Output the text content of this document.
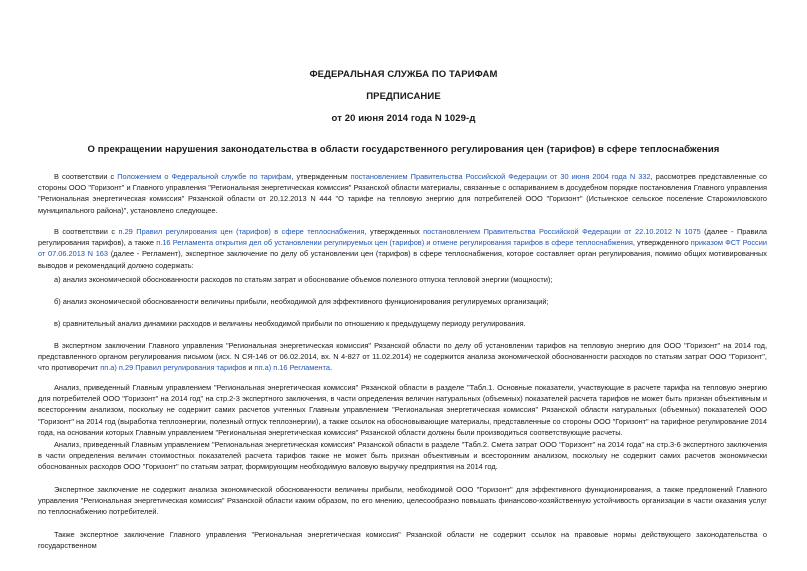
ФЕДЕРАЛЬНАЯ СЛУЖБА ПО ТАРИФАМ
ПРЕДПИСАНИЕ
от 20 июня 2014 года N 1029-д
О прекращении нарушения законодательства в области государственного регулирования цен (тарифов) в сфере теплоснабжения

В соответствии с Положением о Федеральной службе по тарифам, утвержденным постановлением Правительства Российской Федерации от 30 июня 2004 года N 332, рассмотрев представленные со стороны ООО "Горизонт" и Главного управления "Региональная энергетическая комиссия" Рязанской области материалы, связанные с оспариванием в досудебном порядке постановления Главного управления "Региональная энергетическая комиссия" Рязанской области от 20.12.2013 N 444 "О тарифе на тепловую энергию для потребителей ООО "Горизонт" (Истьинское сельское поселение Старожиловского муниципального района)", установлено следующее.

В соответствии с п.29 Правил регулирования цен (тарифов) в сфере теплоснабжения, утвержденных постановлением Правительства Российской Федерации от 22.10.2012 N 1075 (далее - Правила регулирования тарифов), а также п.16 Регламента открытия дел об установлении регулируемых цен (тарифов) и отмене регулирования тарифов в сфере теплоснабжения, утвержденного приказом ФСТ России от 07.06.2013 N 163 (далее - Регламент), экспертное заключение по делу об установлении цен (тарифов) в сфере теплоснабжения, которое составляет орган регулирования, помимо общих мотивированных выводов и рекомендаций должно содержать:

а) анализ экономической обоснованности расходов по статьям затрат и обоснование объемов полезного отпуска тепловой энергии (мощности);

б) анализ экономической обоснованности величины прибыли, необходимой для эффективного функционирования регулируемых организаций;

в) сравнительный анализ динамики расходов и величины необходимой прибыли по отношению к предыдущему периоду регулирования.

В экспертном заключении Главного управления "Региональная энергетическая комиссия" Рязанской области по делу об установлении тарифов на тепловую энергию для ООО "Горизонт" на 2014 год, представленного органом регулирования письмом (исх. N СЯ-146 от 06.02.2014, вх. N 4-827 от 11.02.2014) не содержится анализа экономической обоснованности расходов по статьям затрат ООО "Горизонт", что противоречит пп.а) п.29 Правил регулирования тарифов и пп.а) п.16 Регламента.

Анализ, приведенный Главным управлением "Региональная энергетическая комиссия" Рязанской области в разделе "Табл.1. Основные показатели, участвующие в расчете тарифа на тепловую энергию для потребителей ООО "Горизонт" на 2014 год" на стр.2-3 экспертного заключения, в части определения величин натуральных (объемных) показателей расчета тарифов не может быть признан объективным и всесторонним анализом, поскольку не содержит самих расчетов учтенных Главным управлением "Региональная энергетическая комиссия" Рязанской области натуральных (объемных) показателей ООО "Горизонт" на 2014 год (выработка теплоэнергии, полезный отпуск теплоэнергии), а также ссылок на обосновывающие материалы, представленные со стороны ООО "Горизонт" на тарифное регулирование 2014 года, на основании которых Главным управлением "Региональная энергетическая комиссия" Рязанской области должны были производиться соответствующие расчеты.

Анализ, приведенный Главным управлением "Региональная энергетическая комиссия" Рязанской области в разделе "Табл.2. Смета затрат ООО "Горизонт" на 2014 года" на стр.3-6 экспертного заключения в части определения величин стоимостных показателей расчета тарифов также не может быть признан объективным и всесторонним анализом, поскольку не содержит самих расчетов экономически обоснованных расходов ООО "Горизонт" по статьям затрат, формирующим необходимую валовую выручку предприятия на 2014 год.

Экспертное заключение не содержит анализа экономической обоснованности величины прибыли, необходимой ООО "Горизонт" для эффективного функционирования, а также предложений Главного управления "Региональная энергетическая комиссия" Рязанской области каким образом, по его мнению, целесообразно повышать финансово-хозяйственную устойчивость организации в части оказания услуг по теплоснабжению потребителей.

Также экспертное заключение Главного управления "Региональная энергетическая комиссия" Рязанской области не содержит ссылок на правовые нормы действующего законодательства о государственном
